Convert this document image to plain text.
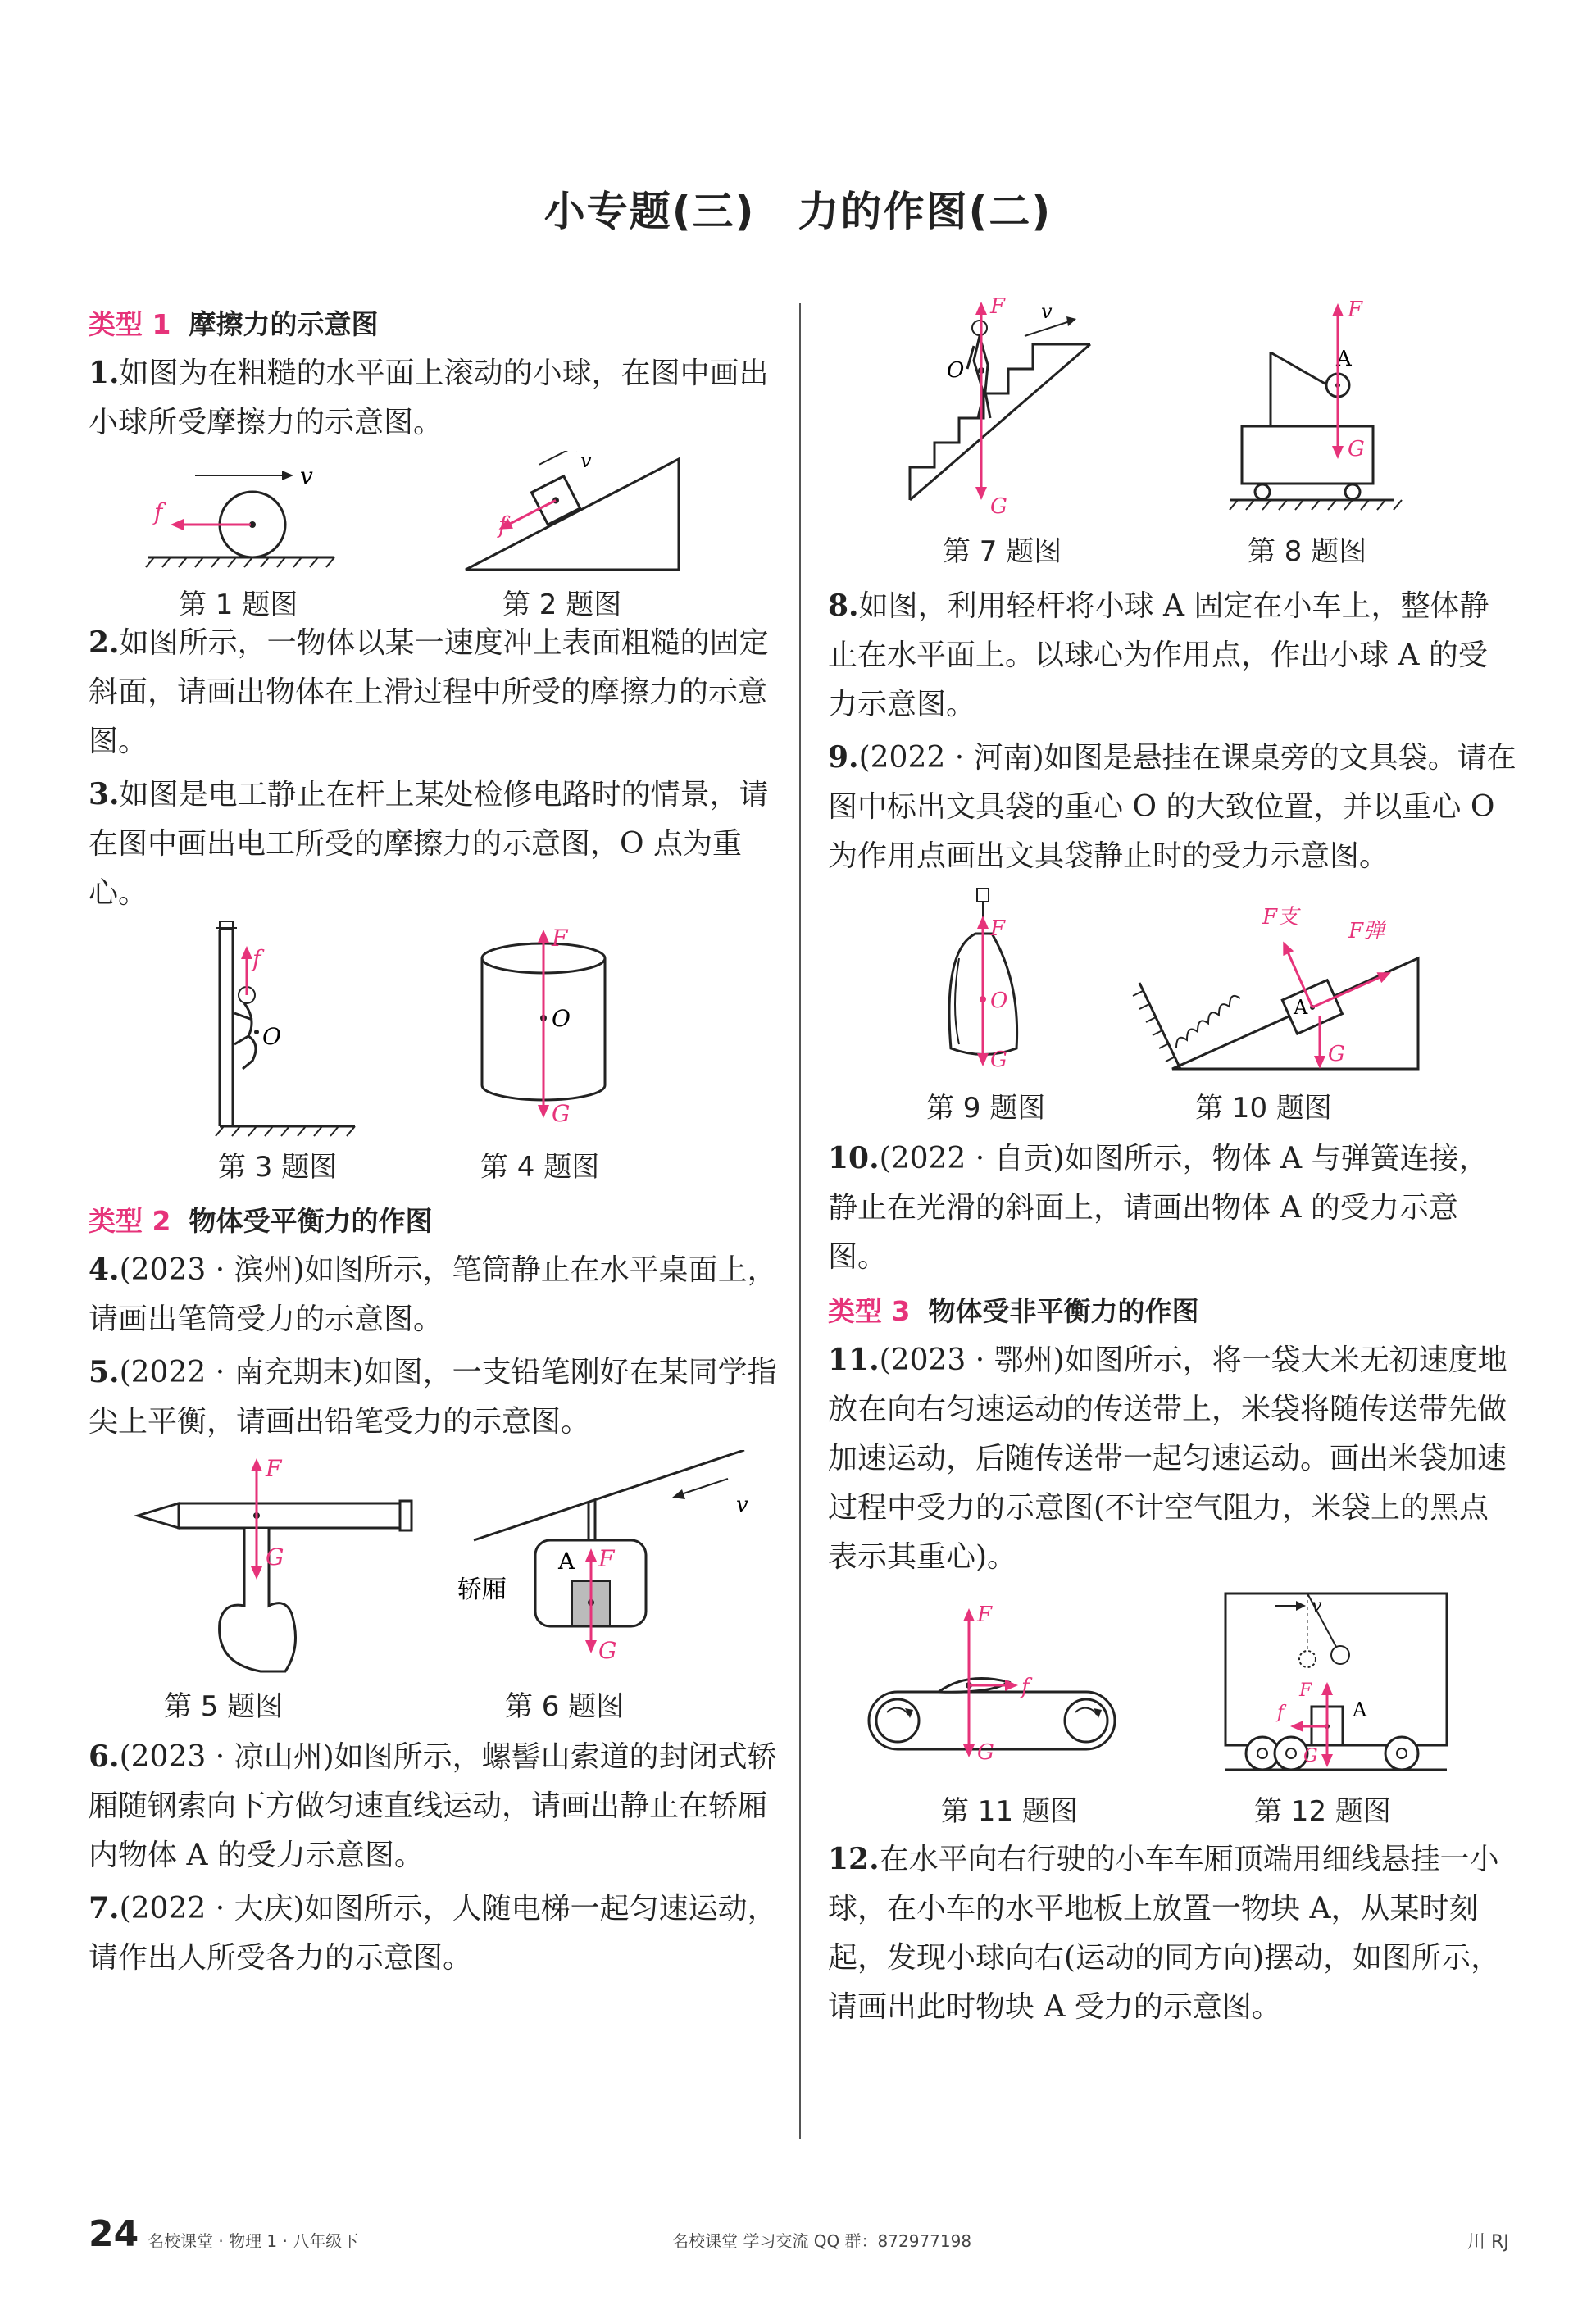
小专题(三)　力的作图(二)
类型 1 摩擦力的示意图
1.如图为在粗糙的水平面上滚动的小球，在图中画出小球所受摩擦力的示意图。
v
f	f
v
第 1 题图	第 2 题图
2.如图所示，一物体以某一速度冲上表面粗糙的固定斜面，请画出物体在上滑过程中所受的摩擦力的示意图。
3.如图是电工静止在杆上某处检修电路时的情景，请在图中画出电工所受的摩擦力的示意图，O 点为重心。
O
f
O
F
G
第 3 题图	第 4 题图
类型 2 物体受平衡力的作图
4.(2023 · 滨州)如图所示，笔筒静止在水平桌面上，请画出笔筒受力的示意图。
5.(2022 · 南充期末)如图，一支铅笔刚好在某同学指尖上平衡，请画出铅笔受力的示意图。
F
G	A F
G
v
轿厢
第 5 题图	第 6 题图
6.(2023 · 凉山州)如图所示，螺髻山索道的封闭式轿厢随钢索向下方做匀速直线运动，请画出静止在轿厢内物体 A 的受力示意图。
7.(2022 · 大庆)如图所示，人随电梯一起匀速运动，请作出人所受各力的示意图。
O
F
G
v
A
F
G
第 7 题图	第 8 题图
8.如图，利用轻杆将小球 A 固定在小车上，整体静止在水平面上。以球心为作用点，作出小球 A 的受力示意图。
9.(2022 · 河南)如图是悬挂在课桌旁的文具袋。请在图中标出文具袋的重心 O 的大致位置，并以重心 O 为作用点画出文具袋静止时的受力示意图。
O
F
G
A
G
F支
F弹
第 9 题图	第 10 题图
10.(2022 · 自贡)如图所示，物体 A 与弹簧连接，静止在光滑的斜面上，请画出物体 A 的受力示意图。
类型 3 物体受非平衡力的作图
11.(2023 · 鄂州)如图所示，将一袋大米无初速度地放在向右匀速运动的传送带上，米袋将随传送带先做加速运动，后随传送带一起匀速运动。画出米袋加速过程中受力的示意图(不计空气阻力，米袋上的黑点表示其重心)。
F
G
f
v
A
F
G
f
第 11 题图	第 12 题图
12.在水平向右行驶的小车车厢顶端用细线悬挂一小球，在小车的水平地板上放置一物块 A，从某时刻起，发现小球向右(运动的同方向)摆动，如图所示，请画出此时物块 A 受力的示意图。
24 名校课堂 · 物理 1 · 八年级下	名校课堂 学习交流 QQ 群：872977198	川 RJ
